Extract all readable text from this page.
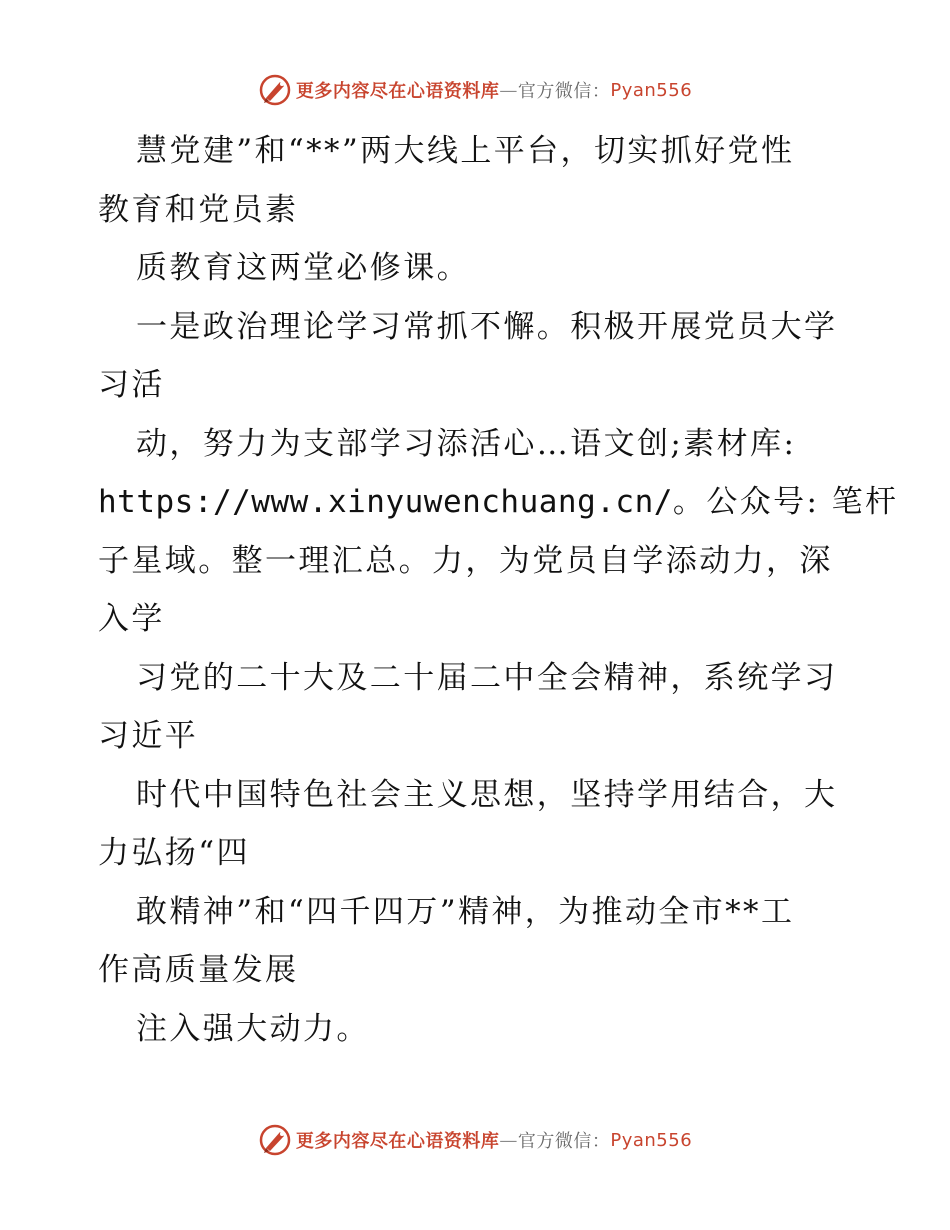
更多内容尽在心语资料库 — 官方微信： Pyan556
慧党建”和“**”两大线上平台，切实抓好党性
教育和党员素
质教育这两堂必修课。
一是政治理论学习常抓不懈。积极开展党员大学
习活
动，努力为支部学习添活心…语文创;素材库:
https://www.xinyuwenchuang.cn/。公众号: 笔杆
子星域。整一理汇总。力，为党员自学添动力，深
入学
习党的二十大及二十届二中全会精神，系统学习
习近平
时代中国特色社会主义思想，坚持学用结合，大
力弘扬“四
敢精神”和“四千四万”精神，为推动全市**工
作高质量发展
注入强大动力。
更多内容尽在心语资料库 — 官方微信： Pyan556
